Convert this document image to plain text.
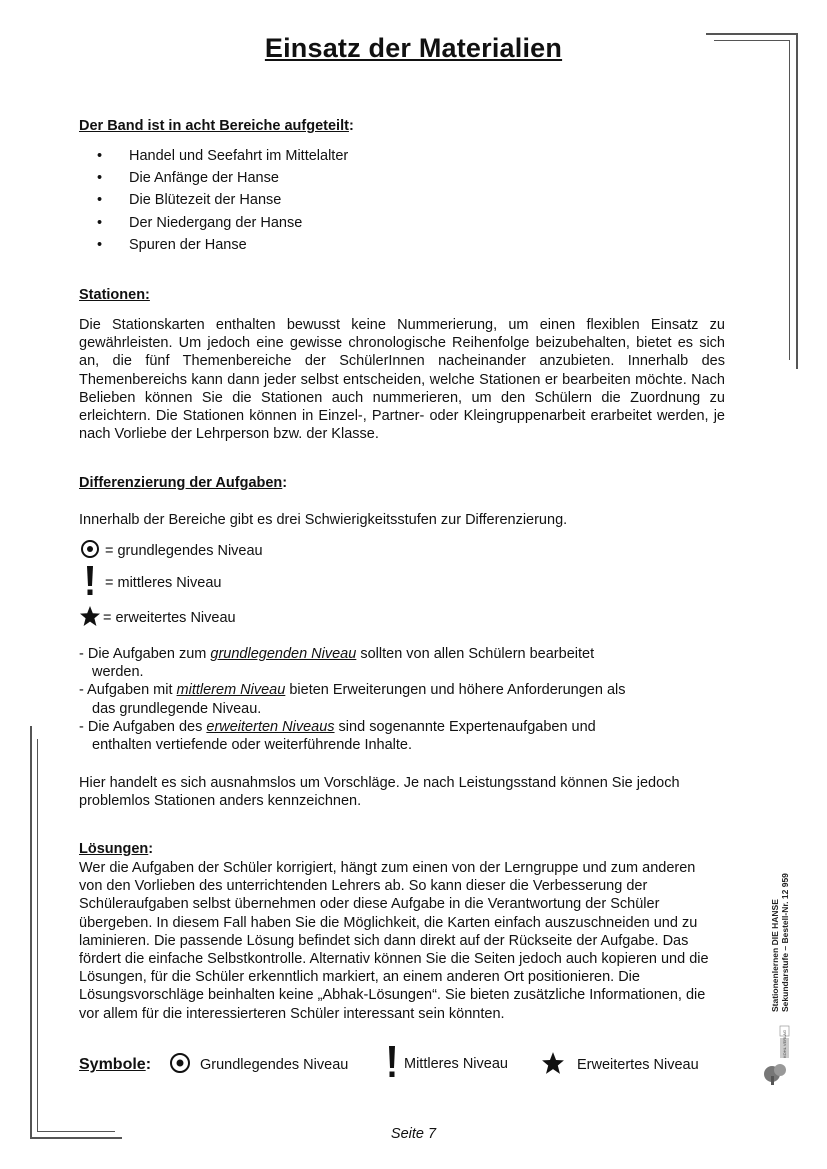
Einsatz der Materialien
Der Band ist in acht Bereiche aufgeteilt:
•	Handel und Seefahrt im Mittelalter
•	Die Anfänge der Hanse
•	Die Blütezeit der Hanse
•	Der Niedergang der Hanse
•	Spuren der Hanse
Stationen:

Die Stationskarten enthalten bewusst keine Nummerierung, um einen flexiblen Einsatz zu gewährleisten. Um jedoch eine gewisse chronologische Reihenfolge beizubehalten, bietet es sich an, die fünf Themenbereiche der SchülerInnen nacheinander anzubieten. Innerhalb des Themenbereichs kann dann jeder selbst entscheiden, welche Stationen er bearbeiten möchte. Nach Belieben können Sie die Stationen auch nummerieren, um den Schülern die Zuordnung zu erleichtern. Die Stationen können in Einzel-, Partner- oder Kleingruppenarbeit erarbeitet werden, je nach Vorliebe der Lehrperson bzw. der Klasse.

Differenzierung der Aufgaben:

Innerhalb der Bereiche gibt es drei Schwierigkeitsstufen zur Differenzierung.

= grundlegendes Niveau
= mittleres Niveau
= erweitertes Niveau

- Die Aufgaben zum grundlegenden Niveau sollten von allen Schülern bearbeitet werden.

- Aufgaben mit mittlerem Niveau bieten Erweiterungen und höhere Anforderungen als das grundlegende Niveau.

- Die Aufgaben des erweiterten Niveaus sind sogenannte Expertenaufgaben und enthalten vertiefende oder weiterführende Inhalte.

Hier handelt es sich ausnahmslos um Vorschläge. Je nach Leistungsstand können Sie jedoch problemlos Stationen anders kennzeichnen.

Lösungen:

Wer die Aufgaben der Schüler korrigiert, hängt zum einen von der Lerngruppe und zum anderen von den Vorlieben des unterrichtenden Lehrers ab. So kann dieser die Verbesserung der Schüleraufgaben selbst übernehmen oder diese Aufgabe in die Verantwortung der Schüler übergeben. In diesem Fall haben Sie die Möglichkeit, die Karten einfach auszuschneiden und zu laminieren. Die passende Lösung befindet sich dann direkt auf der Rückseite der Aufgabe. Das fördert die einfache Selbstkontrolle. Alternativ können Sie die Seiten jedoch auch kopieren und die Lösungen, für die Schüler erkenntlich markiert, an einem anderen Ort positionieren. Die Lösungsvorschläge beinhalten keine „Abhak-Lösungen“. Sie bieten zusätzliche Informationen, die vor allem für die interessierteren Schüler interessant sein könnten.

Symbole :	Grundlegendes Niveau	Mittleres Niveau	Erweitertes Niveau
Stationenlernen DIE HANSE Sekundarstufe – Bestell-Nr. 12 959
KOHL VERLAG
Seite 7
